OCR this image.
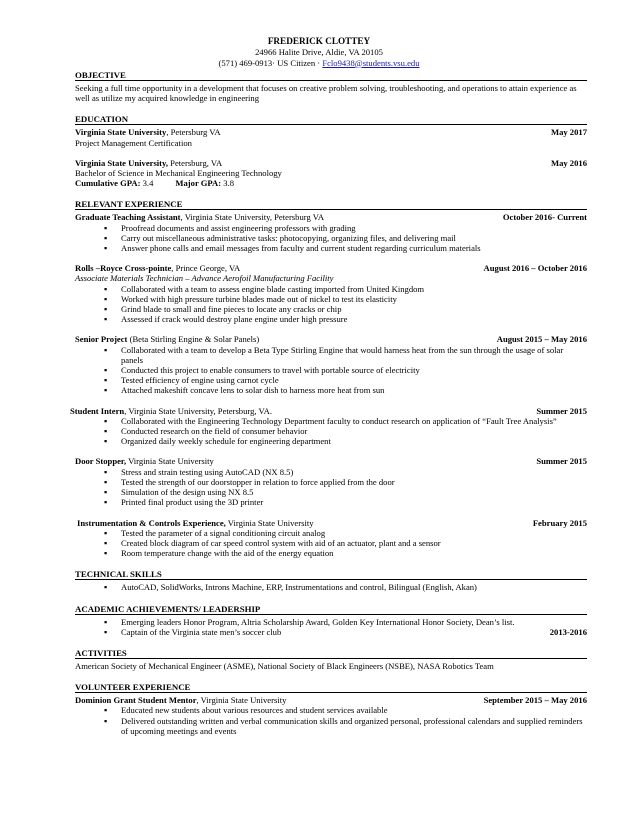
FREDERICK CLOTTEY
24966 Halite Drive, Aldie, VA 20105
(571) 469-0913· US Citizen · Fclo9438@students.vsu.edu
OBJECTIVE
Seeking a full time opportunity in a development that focuses on creative problem solving, troubleshooting, and operations to attain experience as well as utilize my acquired knowledge in engineering
EDUCATION
Virginia State University, Petersburg VA	May 2017
Project Management Certification
Virginia State University, Petersburg, VA	May 2016
Bachelor of Science in Mechanical Engineering Technology
Cumulative GPA: 3.4	Major GPA: 3.8
RELEVANT EXPERIENCE
Graduate Teaching Assistant, Virginia State University, Petersburg VA	October 2016- Current
▪ Proofread documents and assist engineering professors with grading
▪ Carry out miscellaneous administrative tasks: photocopying, organizing files, and delivering mail
▪ Answer phone calls and email messages from faculty and current student regarding curriculum materials
Rolls –Royce Cross-pointe, Prince George, VA	August 2016 – October 2016
Associate Materials Technician – Advance Aerofoil Manufacturing Facility
▪ Collaborated with a team to assess engine blade casting imported from United Kingdom
▪ Worked with high pressure turbine blades made out of nickel to test its elasticity
▪ Grind blade to small and fine pieces to locate any cracks or chip
▪ Assessed if crack would destroy plane engine under high pressure
Senior Project (Beta Stirling Engine & Solar Panels)	August 2015 – May 2016
▪ Collaborated with a team to develop a Beta Type Stirling Engine that would harness heat from the sun through the usage of solar panels
▪ Conducted this project to enable consumers to travel with portable source of electricity
▪ Tested efficiency of engine using carnot cycle
▪ Attached makeshift concave lens to solar dish to harness more heat from sun
Student Intern, Virginia State University, Petersburg, VA.	Summer 2015
▪ Collaborated with the Engineering Technology Department faculty to conduct research on application of “Fault Tree Analysis”
▪ Conducted research on the field of consumer behavior
▪ Organized daily weekly schedule for engineering department
Door Stopper, Virginia State University	Summer 2015
▪ Stress and strain testing using AutoCAD (NX 8.5)
▪ Tested the strength of our doorstopper in relation to force applied from the door
▪ Simulation of the design using NX 8.5
▪ Printed final product using the 3D printer
Instrumentation & Controls Experience, Virginia State University	February 2015
▪ Tested the parameter of a signal conditioning circuit analog
▪ Created block diagram of car speed control system with aid of an actuator, plant and a sensor
▪ Room temperature change with the aid of the energy equation
TECHNICAL SKILLS
▪ AutoCAD, SolidWorks, Introns Machine, ERP, Instrumentations and control, Bilingual (English, Akan)
ACADEMIC ACHIEVEMENTS/ LEADERSHIP
▪ Emerging leaders Honor Program, Altria Scholarship Award, Golden Key International Honor Society, Dean’s list.
▪ Captain of the Virginia state men’s soccer club	2013-2016
ACTIVITIES
American Society of Mechanical Engineer (ASME), National Society of Black Engineers (NSBE), NASA Robotics Team
VOLUNTEER EXPERIENCE
Dominion Grant Student Mentor, Virginia State University	September 2015 – May 2016
▪ Educated new students about various resources and student services available
▪ Delivered outstanding written and verbal communication skills and organized personal, professional calendars and supplied reminders of upcoming meetings and events
